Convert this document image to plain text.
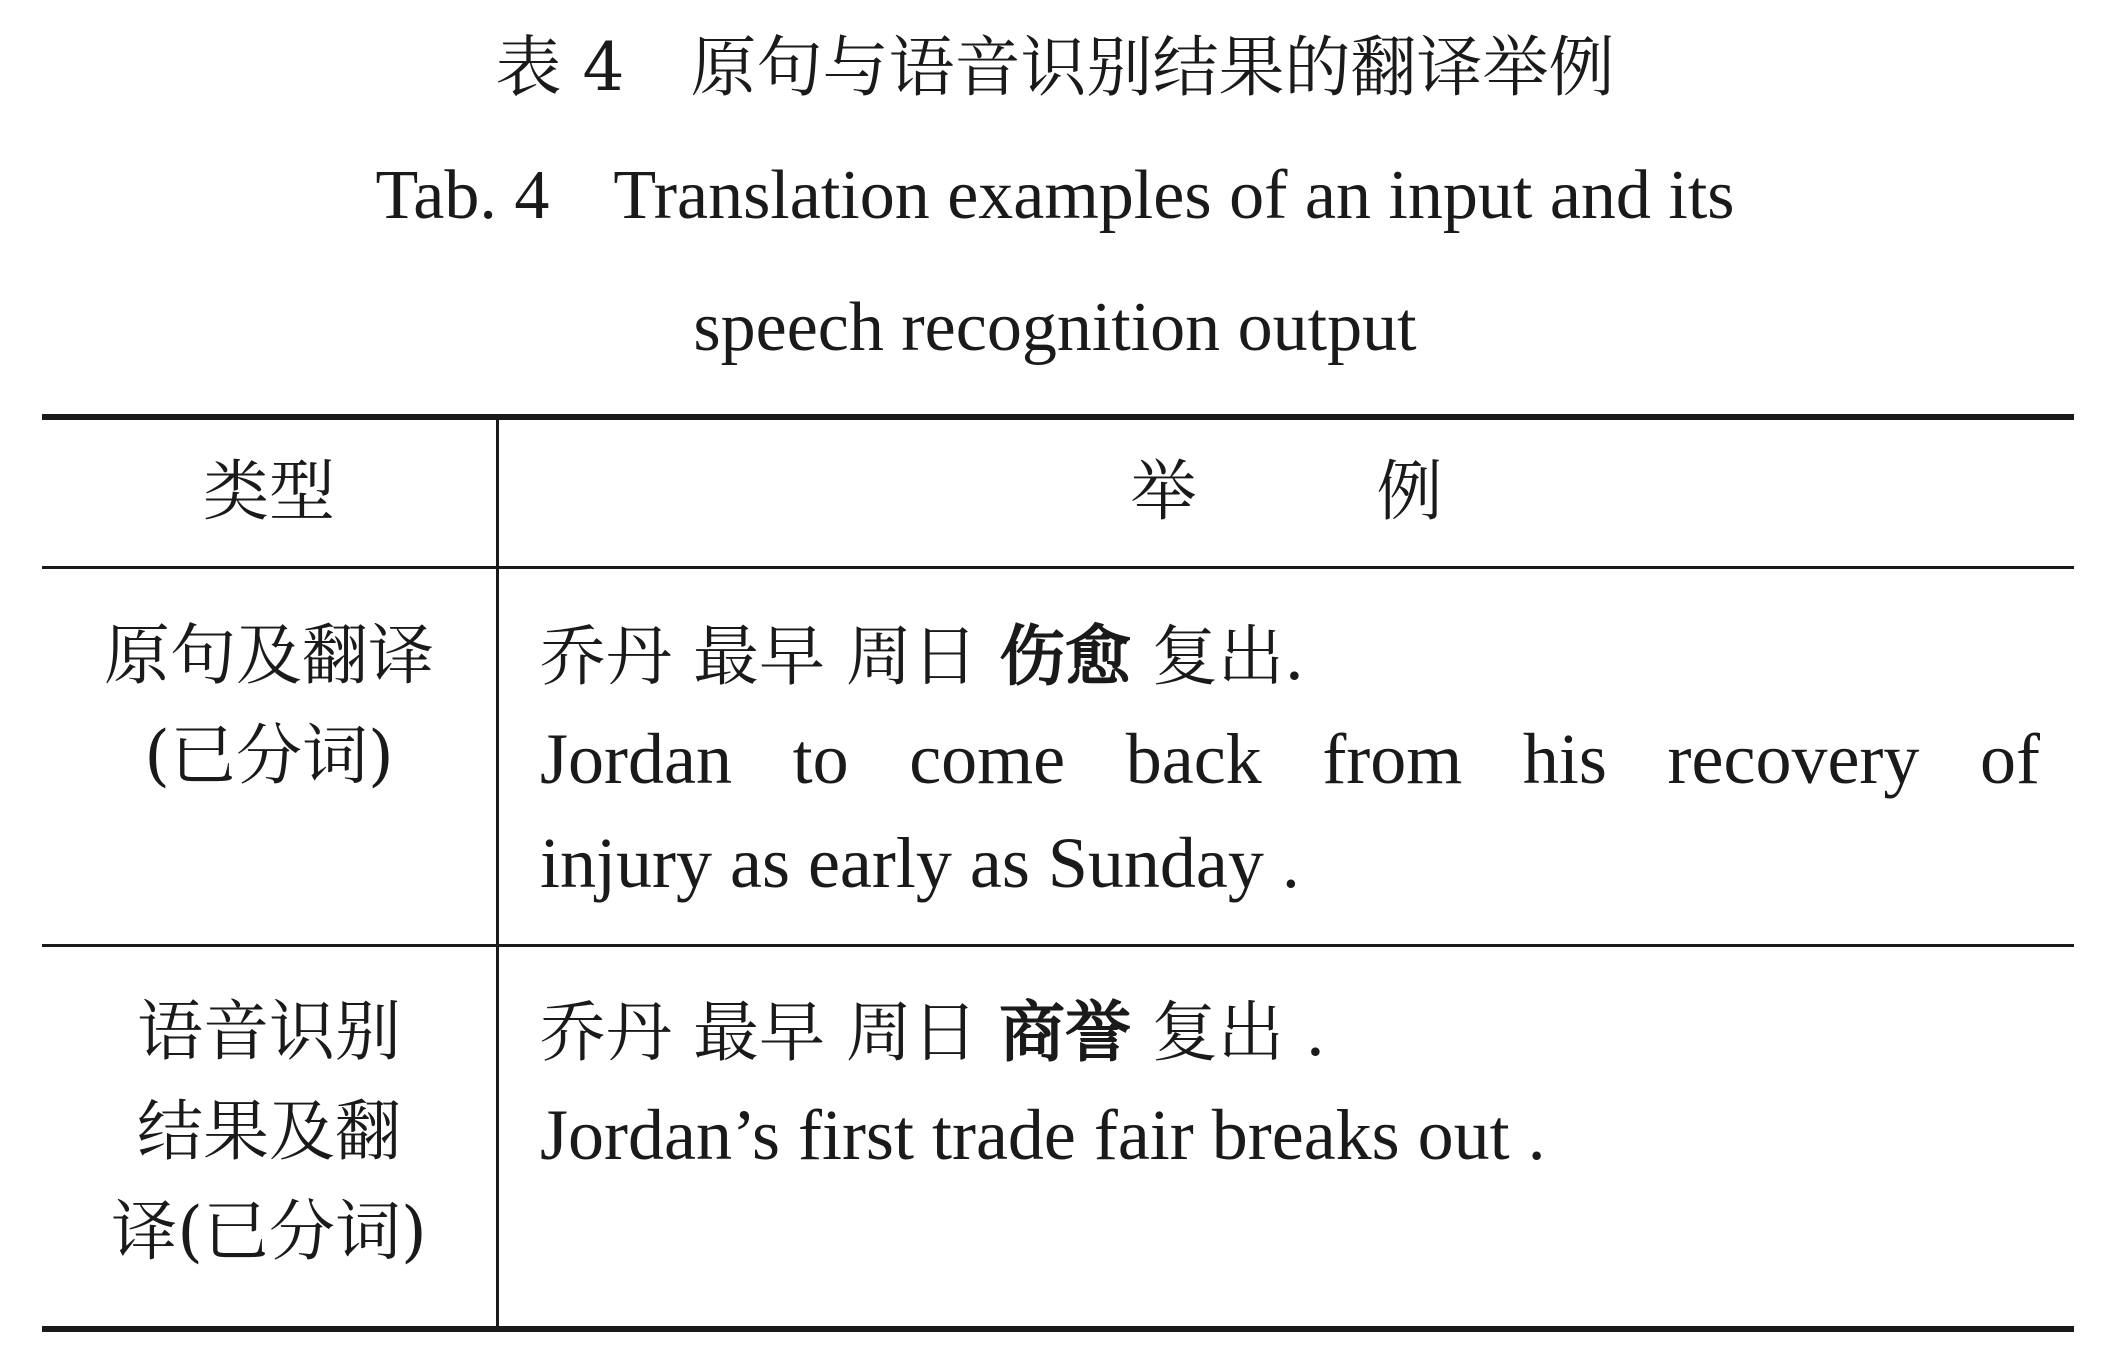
表 4　原句与语音识别结果的翻译举例
Tab. 4 Translation examples of an input and its
speech recognition output
类型	举	例
原句及翻译
(已分词)
乔丹 最早 周日 伤愈 复出.
Jordan to come back from his recovery of
injury as early as Sunday .
语音识别
结果及翻
译(已分词)
乔丹 最早 周日 商誉 复出 .
Jordan’s first trade fair breaks out .
